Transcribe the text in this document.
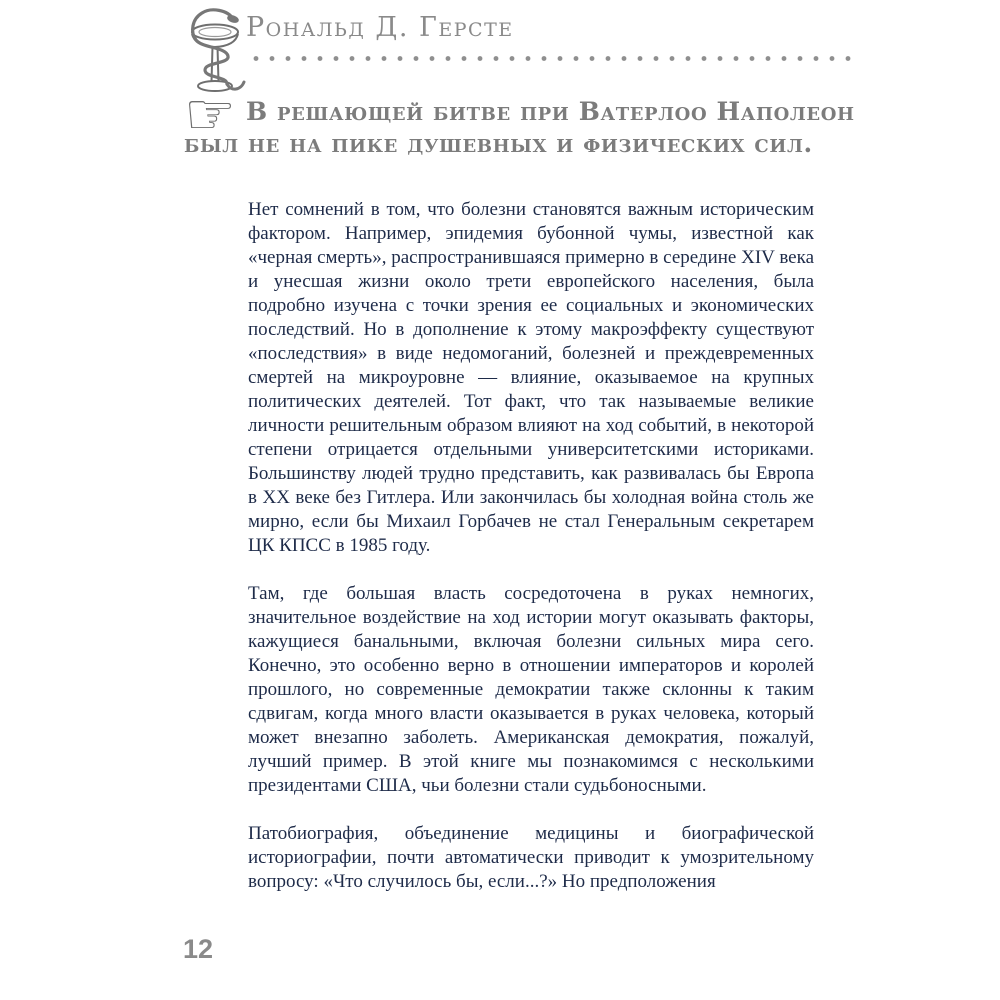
Рональд Д. Герсте
☞ В решающей битве при Ватерлоо Наполеон был не на пике душевных и физических сил.

Нет сомнений в том, что болезни становятся важным историческим фактором. Например, эпидемия бубонной чумы, известной как «черная смерть», распространившаяся примерно в середине XIV века и унесшая жизни около трети европейского населения, была подробно изучена с точки зрения ее социальных и экономических последствий. Но в дополнение к этому макроэффекту существуют «последствия» в виде недомоганий, болезней и преждевременных смертей на микроуровне — влияние, оказываемое на крупных политических деятелей. Тот факт, что так называемые великие личности решительным образом влияют на ход событий, в некоторой степени отрицается отдельными университетскими историками. Большинству людей трудно представить, как развивалась бы Европа в XX веке без Гитлера. Или закончилась бы холодная война столь же мирно, если бы Михаил Горбачев не стал Генеральным секретарем ЦК КПСС в 1985 году.

Там, где большая власть сосредоточена в руках немногих, значительное воздействие на ход истории могут оказывать факторы, кажущиеся банальными, включая болезни сильных мира сего. Конечно, это особенно верно в отношении императоров и королей прошлого, но современные демократии также склонны к таким сдвигам, когда много власти оказывается в руках человека, который может внезапно заболеть. Американская демократия, пожалуй, лучший пример. В этой книге мы познакомимся с несколькими президентами США, чьи болезни стали судьбоносными.

Патобиография, объединение медицины и биографической историографии, почти автоматически приводит к умозрительному вопросу: «Что случилось бы, если...?» Но предположения

12
